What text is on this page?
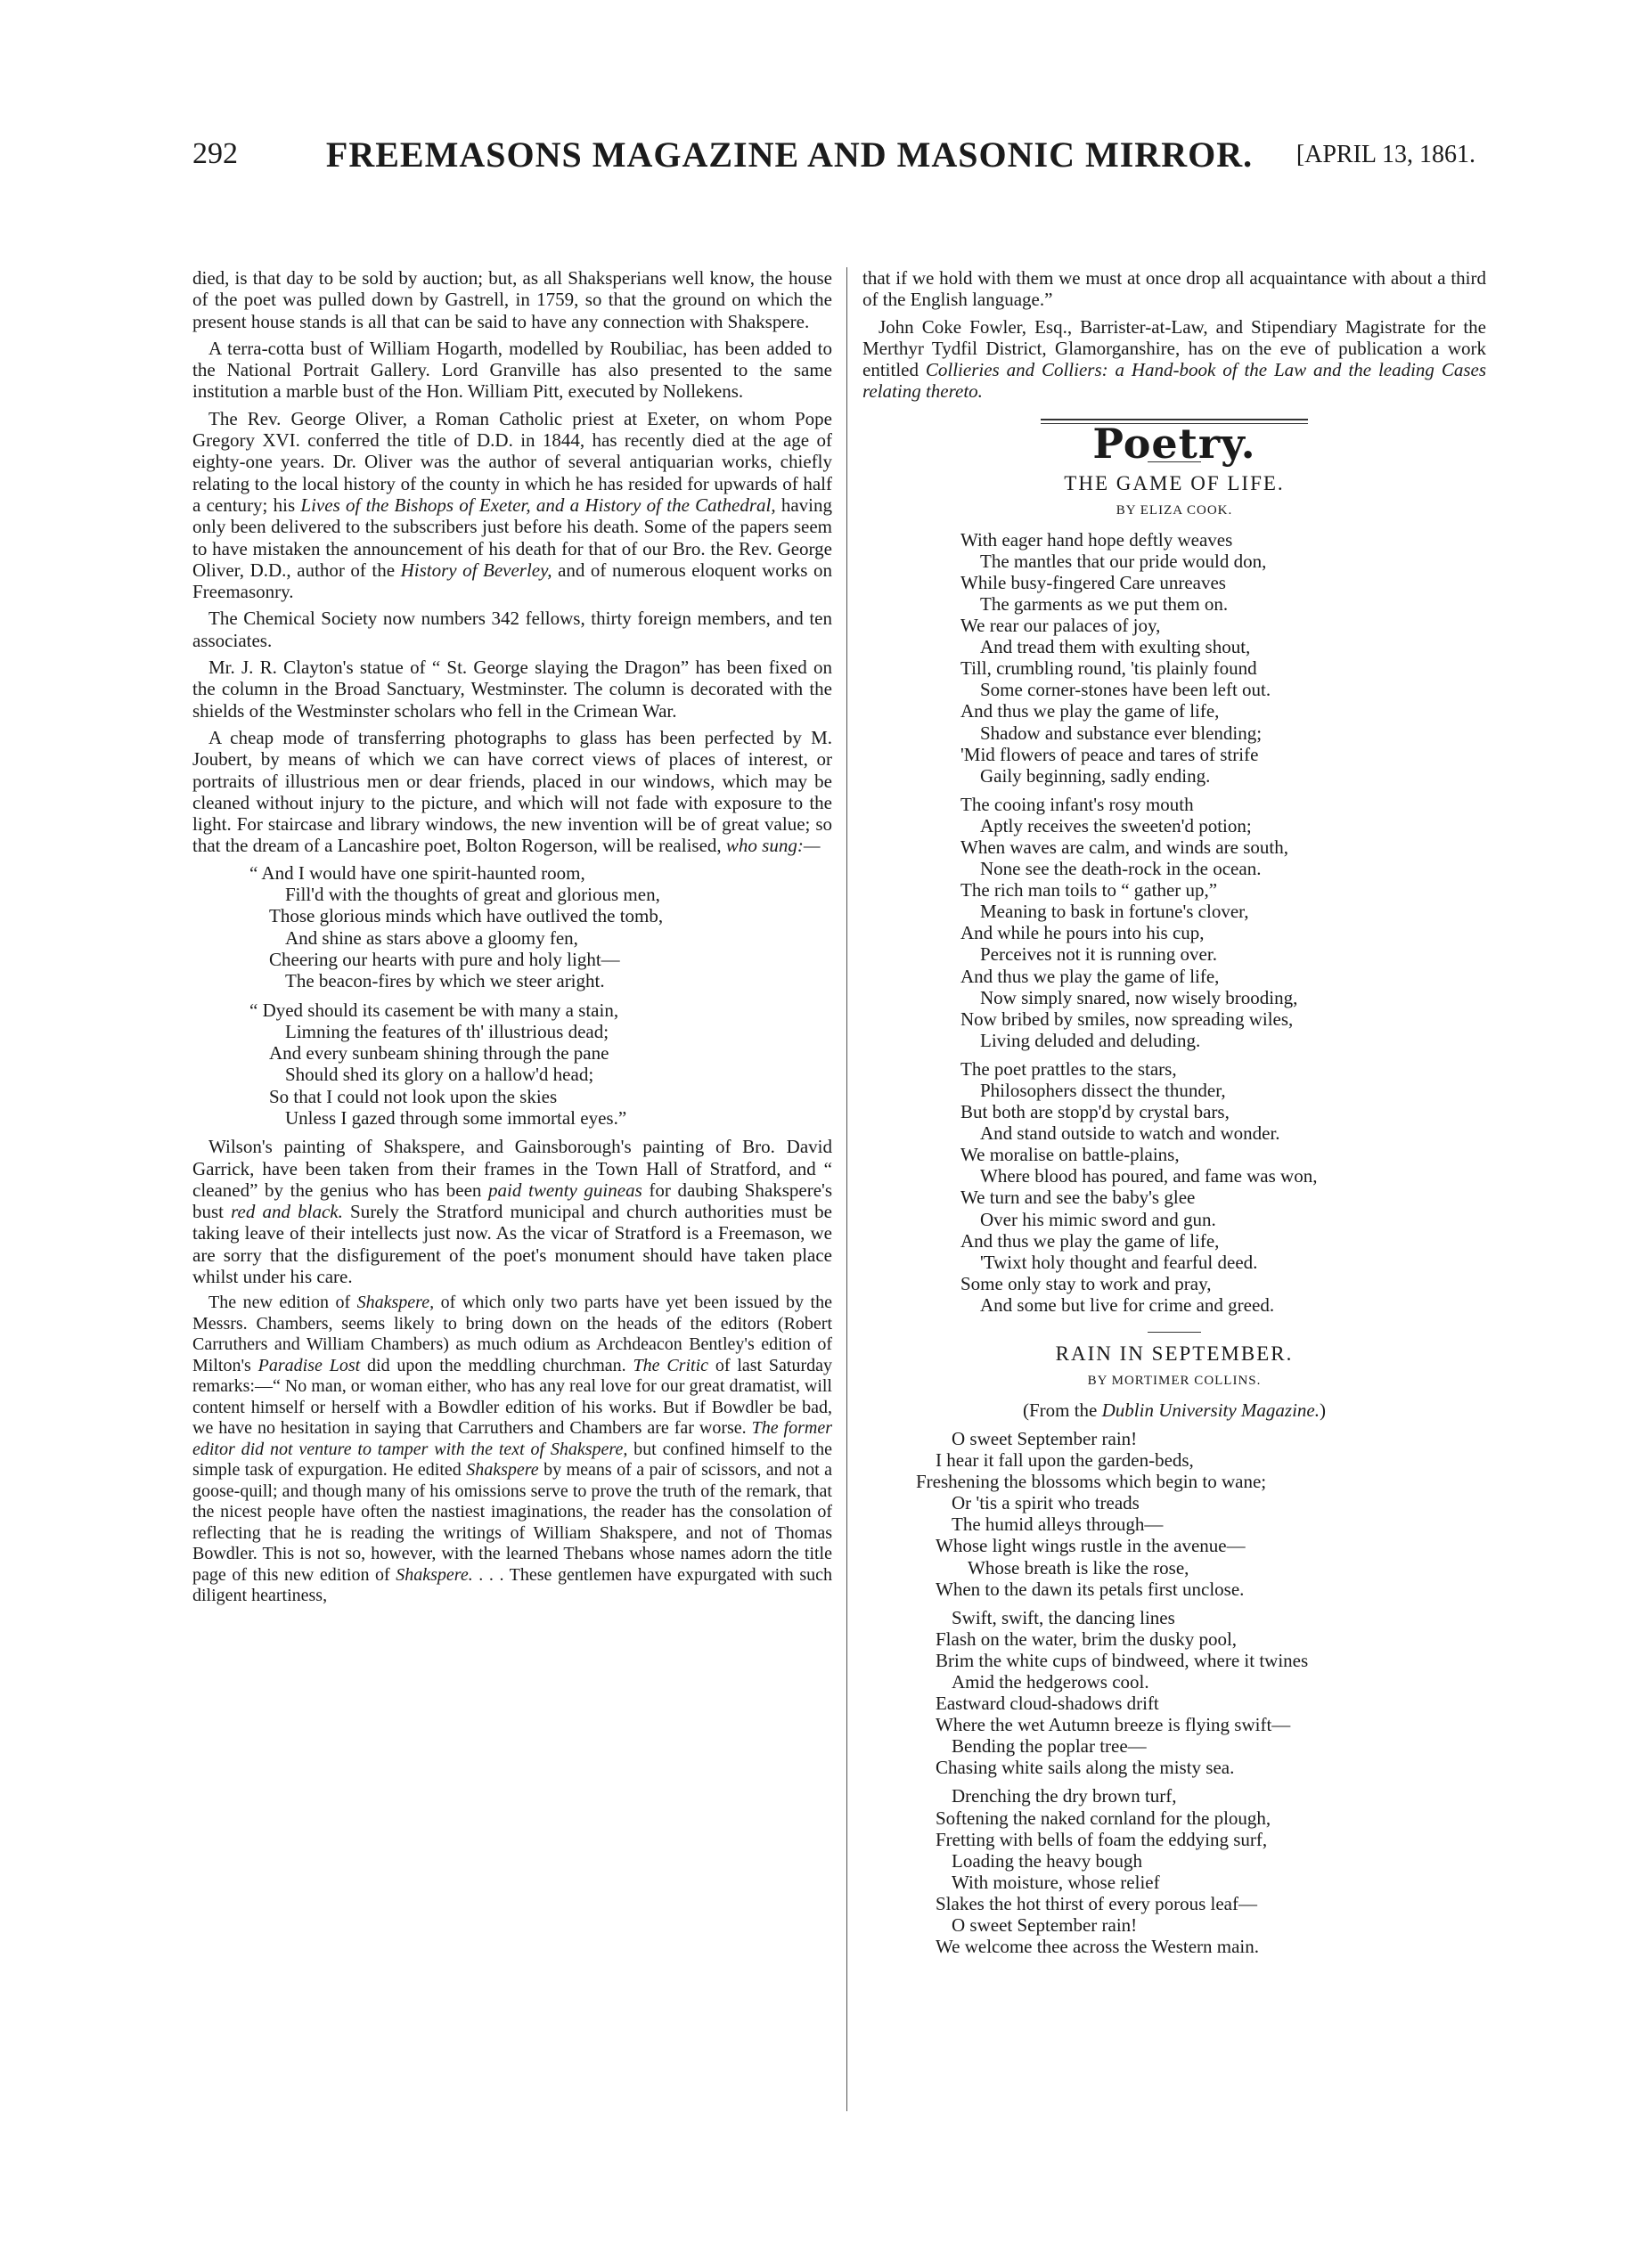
292	FREEMASONS MAGAZINE AND MASONIC MIRROR.	[APRIL 13, 1861.

died, is that day to be sold by auction; but, as all Shaksperians well know, the house of the poet was pulled down by Gastrell, in 1759, so that the ground on which the present house stands is all that can be said to have any connection with Shakspere.

A terra-cotta bust of William Hogarth, modelled by Roubiliac, has been added to the National Portrait Gallery. Lord Granville has also presented to the same institution a marble bust of the Hon. William Pitt, executed by Nollekens.

The Rev. George Oliver, a Roman Catholic priest at Exeter, on whom Pope Gregory XVI. conferred the title of D.D. in 1844, has recently died at the age of eighty-one years. Dr. Oliver was the author of several antiquarian works, chiefly relating to the local history of the county in which he has resided for upwards of half a century; his Lives of the Bishops of Exeter, and a History of the Cathedral, having only been delivered to the subscribers just before his death. Some of the papers seem to have mistaken the announcement of his death for that of our Bro. the Rev. George Oliver, D.D., author of the History of Beverley, and of numerous eloquent works on Freemasonry.

The Chemical Society now numbers 342 fellows, thirty foreign members, and ten associates.

Mr. J. R. Clayton's statue of “ St. George slaying the Dragon” has been fixed on the column in the Broad Sanctuary, Westminster. The column is decorated with the shields of the Westminster scholars who fell in the Crimean War.

A cheap mode of transferring photographs to glass has been perfected by M. Joubert, by means of which we can have correct views of places of interest, or portraits of illustrious men or dear friends, placed in our windows, which may be cleaned without injury to the picture, and which will not fade with exposure to the light. For staircase and library windows, the new invention will be of great value; so that the dream of a Lancashire poet, Bolton Rogerson, will be realised, who sung:—

“ And I would have one spirit-haunted room,
Fill'd with the thoughts of great and glorious men,
Those glorious minds which have outlived the tomb,
And shine as stars above a gloomy fen,
Cheering our hearts with pure and holy light—
The beacon-fires by which we steer aright.
“ Dyed should its casement be with many a stain,
Limning the features of th' illustrious dead;
And every sunbeam shining through the pane
Should shed its glory on a hallow'd head;
So that I could not look upon the skies
Unless I gazed through some immortal eyes.”

Wilson's painting of Shakspere, and Gainsborough's painting of Bro. David Garrick, have been taken from their frames in the Town Hall of Stratford, and “ cleaned” by the genius who has been paid twenty guineas for daubing Shakspere's bust red and black. Surely the Stratford municipal and church authorities must be taking leave of their intellects just now. As the vicar of Stratford is a Freemason, we are sorry that the disfigurement of the poet's monument should have taken place whilst under his care.

The new edition of Shakspere, of which only two parts have yet been issued by the Messrs. Chambers, seems likely to bring down on the heads of the editors (Robert Carruthers and William Chambers) as much odium as Archdeacon Bentley's edition of Milton's Paradise Lost did upon the meddling churchman. The Critic of last Saturday remarks:—“ No man, or woman either, who has any real love for our great dramatist, will content himself or herself with a Bowdler edition of his works. But if Bowdler be bad, we have no hesitation in saying that Carruthers and Chambers are far worse. The former editor did not venture to tamper with the text of Shakspere, but confined himself to the simple task of expurgation. He edited Shakspere by means of a pair of scissors, and not a goose-quill; and though many of his omissions serve to prove the truth of the remark, that the nicest people have often the nastiest imaginations, the reader has the consolation of reflecting that he is reading the writings of William Shakspere, and not of Thomas Bowdler. This is not so, however, with the learned Thebans whose names adorn the title page of this new edition of Shakspere. . . . These gentlemen have expurgated with such diligent heartiness,

that if we hold with them we must at once drop all acquaintance with about a third of the English language.”

John Coke Fowler, Esq., Barrister-at-Law, and Stipendiary Magistrate for the Merthyr Tydfil District, Glamorganshire, has on the eve of publication a work entitled Collieries and Colliers: a Hand-book of the Law and the leading Cases relating thereto.

Poetry.
THE GAME OF LIFE.
BY ELIZA COOK.
With eager hand hope deftly weaves
The mantles that our pride would don,
While busy-fingered Care unreaves
The garments as we put them on.
We rear our palaces of joy,
And tread them with exulting shout,
Till, crumbling round, 'tis plainly found
Some corner-stones have been left out.
And thus we play the game of life,
Shadow and substance ever blending;
'Mid flowers of peace and tares of strife
Gaily beginning, sadly ending.
The cooing infant's rosy mouth
Aptly receives the sweeten'd potion;
When waves are calm, and winds are south,
None see the death-rock in the ocean.
The rich man toils to “ gather up,”
Meaning to bask in fortune's clover,
And while he pours into his cup,
Perceives not it is running over.
And thus we play the game of life,
Now simply snared, now wisely brooding,
Now bribed by smiles, now spreading wiles,
Living deluded and deluding.
The poet prattles to the stars,
Philosophers dissect the thunder,
But both are stopp'd by crystal bars,
And stand outside to watch and wonder.
We moralise on battle-plains,
Where blood has poured, and fame was won,
We turn and see the baby's glee
Over his mimic sword and gun.
And thus we play the game of life,
'Twixt holy thought and fearful deed.
Some only stay to work and pray,
And some but live for crime and greed.
RAIN IN SEPTEMBER.
BY MORTIMER COLLINS.
(From the Dublin University Magazine.)
O sweet September rain!
I hear it fall upon the garden-beds,
Freshening the blossoms which begin to wane;
Or 'tis a spirit who treads
The humid alleys through—
Whose light wings rustle in the avenue—
Whose breath is like the rose,
When to the dawn its petals first unclose.
Swift, swift, the dancing lines
Flash on the water, brim the dusky pool,
Brim the white cups of bindweed, where it twines
Amid the hedgerows cool.
Eastward cloud-shadows drift
Where the wet Autumn breeze is flying swift—
Bending the poplar tree—
Chasing white sails along the misty sea.
Drenching the dry brown turf,
Softening the naked cornland for the plough,
Fretting with bells of foam the eddying surf,
Loading the heavy bough
With moisture, whose relief
Slakes the hot thirst of every porous leaf—
O sweet September rain!
We welcome thee across the Western main.
